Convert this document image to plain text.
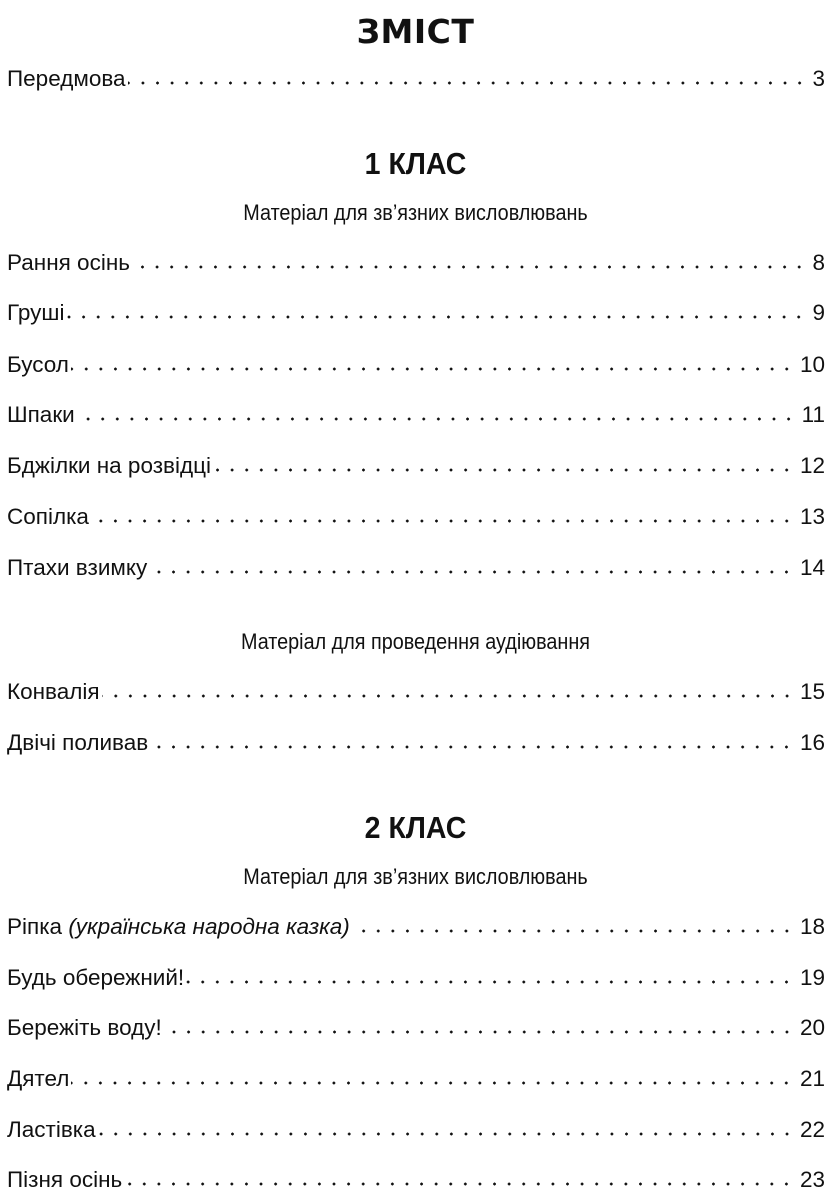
ЗМІСТ
Передмова	3
1 КЛАС
Матеріал для зв’язних висловлювань
Рання осінь	8
Груші	9
Бусол	10
Шпаки	11
Бджілки на розвідці	12
Сопілка	13
Птахи взимку	14
Матеріал для проведення аудіювання
Конвалія	15
Двічі поливав	16
2 КЛАС
Матеріал для зв’язних висловлювань
Ріпка (українська народна казка)	18
Будь обережний!	19
Бережіть воду!	20
Дятел	21
Ластівка	22
Пізня осінь	23
